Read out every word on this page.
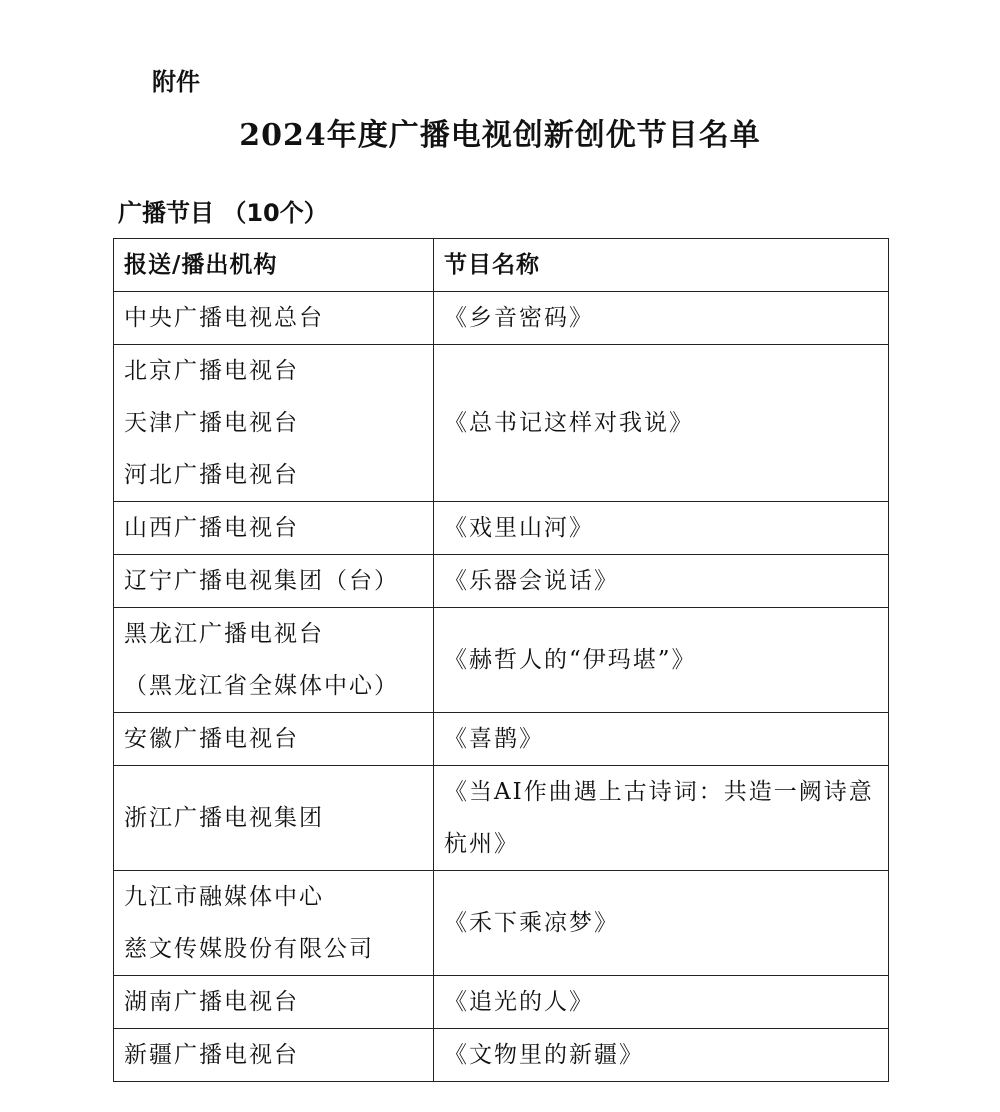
附件
2024年度广播电视创新创优节目名单
广播节目 （10个）
报送/播出机构	节目名称

中央广播电视总台	《乡音密码》

北京广播电视台
天津广播电视台
河北广播电视台	《总书记这样对我说》

山西广播电视台	《戏里山河》

辽宁广播电视集团（台）	《乐器会说话》

黑龙江广播电视台
（黑龙江省全媒体中心）	《赫哲人的“伊玛堪”》

安徽广播电视台	《喜鹊》

浙江广播电视集团	《当AI作曲遇上古诗词：共造一阙诗意杭州》

九江市融媒体中心
慈文传媒股份有限公司	《禾下乘凉梦》

湖南广播电视台	《追光的人》

新疆广播电视台	《文物里的新疆》
